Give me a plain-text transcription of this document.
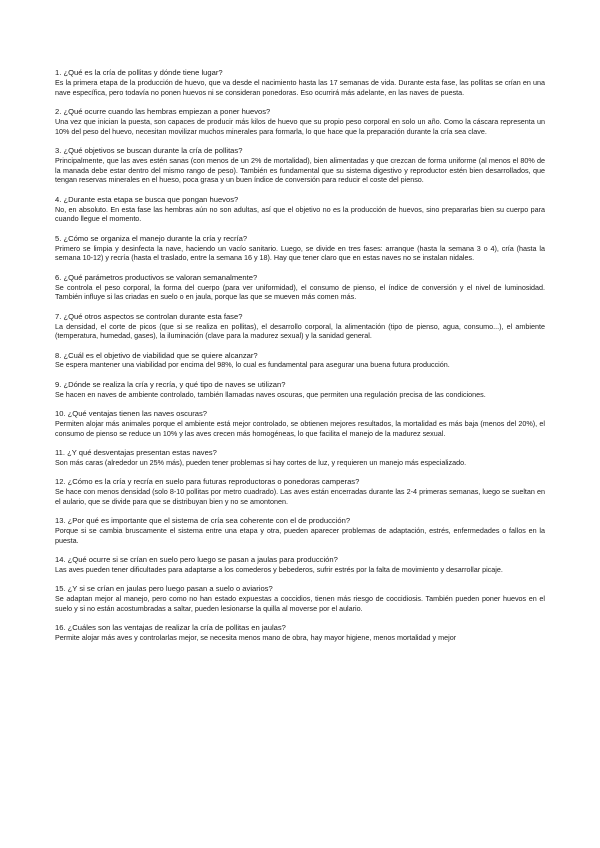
1. ¿Qué es la cría de pollitas y dónde tiene lugar?

Es la primera etapa de la producción de huevo, que va desde el nacimiento hasta las 17 semanas de vida. Durante esta fase, las pollitas se crían en una nave específica, pero todavía no ponen huevos ni se consideran ponedoras. Eso ocurrirá más adelante, en las naves de puesta.

2. ¿Qué ocurre cuando las hembras empiezan a poner huevos?

Una vez que inician la puesta, son capaces de producir más kilos de huevo que su propio peso corporal en solo un año. Como la cáscara representa un 10% del peso del huevo, necesitan movilizar muchos minerales para formarla, lo que hace que la preparación durante la cría sea clave.

3. ¿Qué objetivos se buscan durante la cría de pollitas?

Principalmente, que las aves estén sanas (con menos de un 2% de mortalidad), bien alimentadas y que crezcan de forma uniforme (al menos el 80% de la manada debe estar dentro del mismo rango de peso). También es fundamental que su sistema digestivo y reproductor estén bien desarrollados, que tengan reservas minerales en el hueso, poca grasa y un buen índice de conversión para reducir el coste del pienso.

4. ¿Durante esta etapa se busca que pongan huevos?

No, en absoluto. En esta fase las hembras aún no son adultas, así que el objetivo no es la producción de huevos, sino prepararlas bien su cuerpo para cuando llegue el momento.

5. ¿Cómo se organiza el manejo durante la cría y recría?

Primero se limpia y desinfecta la nave, haciendo un vacío sanitario. Luego, se divide en tres fases: arranque (hasta la semana 3 o 4), cría (hasta la semana 10-12) y recría (hasta el traslado, entre la semana 16 y 18). Hay que tener claro que en estas naves no se instalan nidales.

6. ¿Qué parámetros productivos se valoran semanalmente?

Se controla el peso corporal, la forma del cuerpo (para ver uniformidad), el consumo de pienso, el índice de conversión y el nivel de luminosidad. También influye si las criadas en suelo o en jaula, porque las que se mueven más comen más.

7. ¿Qué otros aspectos se controlan durante esta fase?

La densidad, el corte de picos (que si se realiza en pollitas), el desarrollo corporal, la alimentación (tipo de pienso, agua, consumo...), el ambiente (temperatura, humedad, gases), la iluminación (clave para la madurez sexual) y la sanidad general.

8. ¿Cuál es el objetivo de viabilidad que se quiere alcanzar?

Se espera mantener una viabilidad por encima del 98%, lo cual es fundamental para asegurar una buena futura producción.

9. ¿Dónde se realiza la cría y recría, y qué tipo de naves se utilizan?

Se hacen en naves de ambiente controlado, también llamadas naves oscuras, que permiten una regulación precisa de las condiciones.

10. ¿Qué ventajas tienen las naves oscuras?

Permiten alojar más animales porque el ambiente está mejor controlado, se obtienen mejores resultados, la mortalidad es más baja (menos del 20%), el consumo de pienso se reduce un 10% y las aves crecen más homogéneas, lo que facilita el manejo de la madurez sexual.

11. ¿Y qué desventajas presentan estas naves?

Son más caras (alrededor un 25% más), pueden tener problemas si hay cortes de luz, y requieren un manejo más especializado.

12. ¿Cómo es la cría y recría en suelo para futuras reproductoras o ponedoras camperas?

Se hace con menos densidad (solo 8-10 pollitas por metro cuadrado). Las aves están encerradas durante las 2-4 primeras semanas, luego se sueltan en el aulario, que se divide para que se distribuyan bien y no se amontonen.

13. ¿Por qué es importante que el sistema de cría sea coherente con el de producción?

Porque si se cambia bruscamente el sistema entre una etapa y otra, pueden aparecer problemas de adaptación, estrés, enfermedades o fallos en la puesta.

14. ¿Qué ocurre si se crían en suelo pero luego se pasan a jaulas para producción?

Las aves pueden tener dificultades para adaptarse a los comederos y bebederos, sufrir estrés por la falta de movimiento y desarrollar picaje.

15. ¿Y si se crían en jaulas pero luego pasan a suelo o aviarios?

Se adaptan mejor al manejo, pero como no han estado expuestas a coccidios, tienen más riesgo de coccidiosis. También pueden poner huevos en el suelo y si no están acostumbradas a saltar, pueden lesionarse la quilla al moverse por el aulario.

16. ¿Cuáles son las ventajas de realizar la cría de pollitas en jaulas?

Permite alojar más aves y controlarlas mejor, se necesita menos mano de obra, hay mayor higiene, menos mortalidad y mejor
